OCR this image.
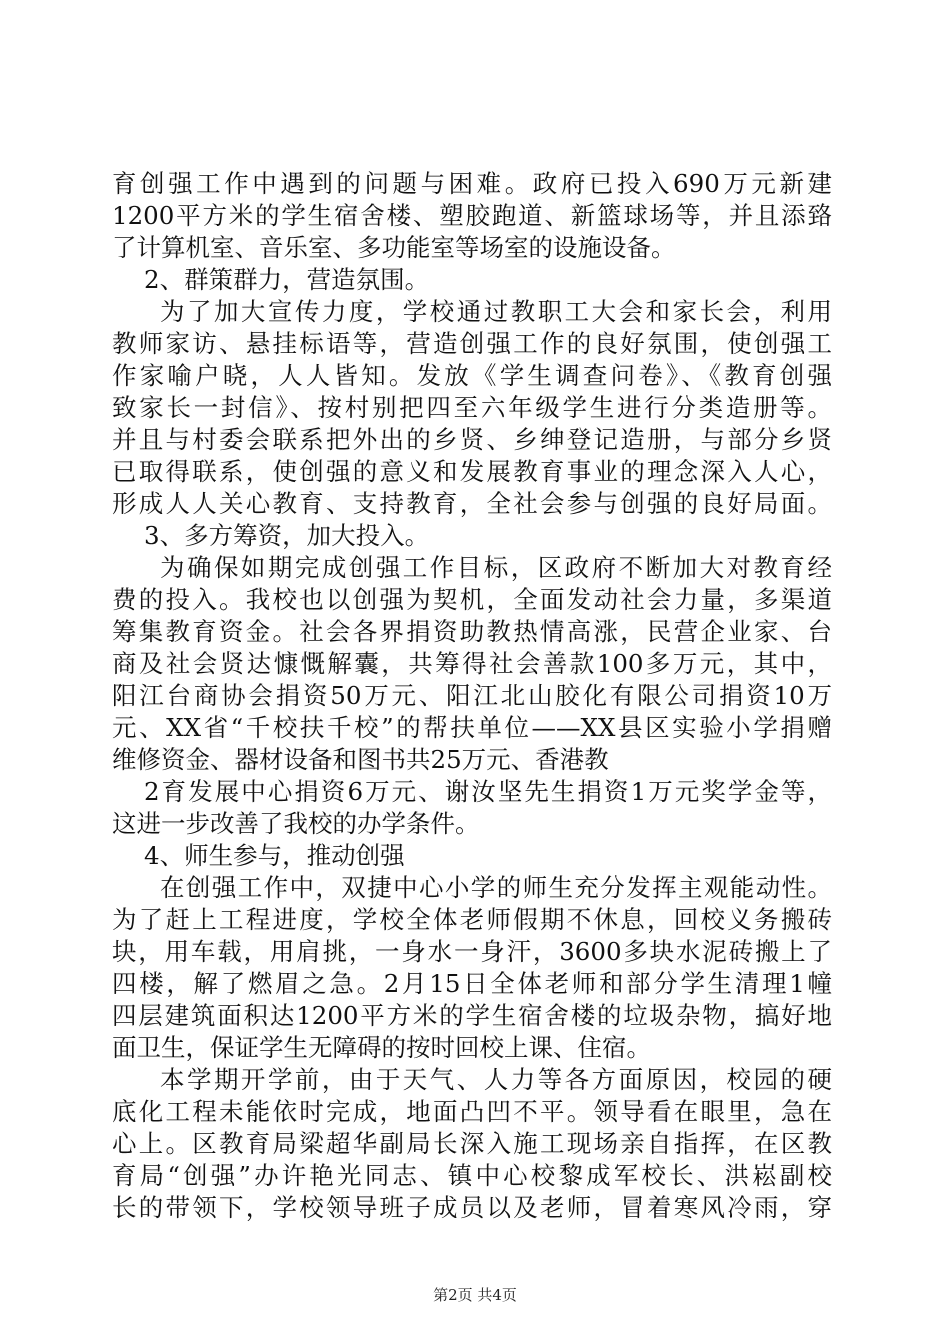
育创强工作中遇到的问题与困难。政府已投入690万元新建
1200平方米的学生宿舍楼、塑胶跑道、新篮球场等，并且添臵
了计算机室、音乐室、多功能室等场室的设施设备。
2、群策群力，营造氛围。
为了加大宣传力度，学校通过教职工大会和家长会，利用
教师家访、悬挂标语等，营造创强工作的良好氛围，使创强工
作家喻户晓，人人皆知。发放《学生调查问卷》、《教育创强
致家长一封信》、按村别把四至六年级学生进行分类造册等。
并且与村委会联系把外出的乡贤、乡绅登记造册，与部分乡贤
已取得联系，使创强的意义和发展教育事业的理念深入人心，
形成人人关心教育、支持教育，全社会参与创强的良好局面。
3、多方筹资，加大投入。
为确保如期完成创强工作目标，区政府不断加大对教育经
费的投入。我校也以创强为契机，全面发动社会力量，多渠道
筹集教育资金。社会各界捐资助教热情高涨，民营企业家、台
商及社会贤达慷慨解囊，共筹得社会善款100多万元，其中，
阳江台商协会捐资50万元、阳江北山胶化有限公司捐资10万
元、XX省“千校扶千校”的帮扶单位——XX县区实验小学捐赠
维修资金、器材设备和图书共25万元、香港教
2育发展中心捐资6万元、谢汝坚先生捐资1万元奖学金等，
这进一步改善了我校的办学条件。
4、师生参与，推动创强
在创强工作中，双捷中心小学的师生充分发挥主观能动性。
为了赶上工程进度，学校全体老师假期不休息，回校义务搬砖
块，用车载，用肩挑，一身水一身汗，3600多块水泥砖搬上了
四楼，解了燃眉之急。2月15日全体老师和部分学生清理1幢
四层建筑面积达1200平方米的学生宿舍楼的垃圾杂物，搞好地
面卫生，保证学生无障碍的按时回校上课、住宿。
本学期开学前，由于天气、人力等各方面原因，校园的硬
底化工程未能依时完成，地面凸凹不平。领导看在眼里，急在
心上。区教育局梁超华副局长深入施工现场亲自指挥，在区教
育局“创强”办许艳光同志、镇中心校黎成军校长、洪崧副校
长的带领下，学校领导班子成员以及老师，冒着寒风冷雨，穿
第2页 共4页
